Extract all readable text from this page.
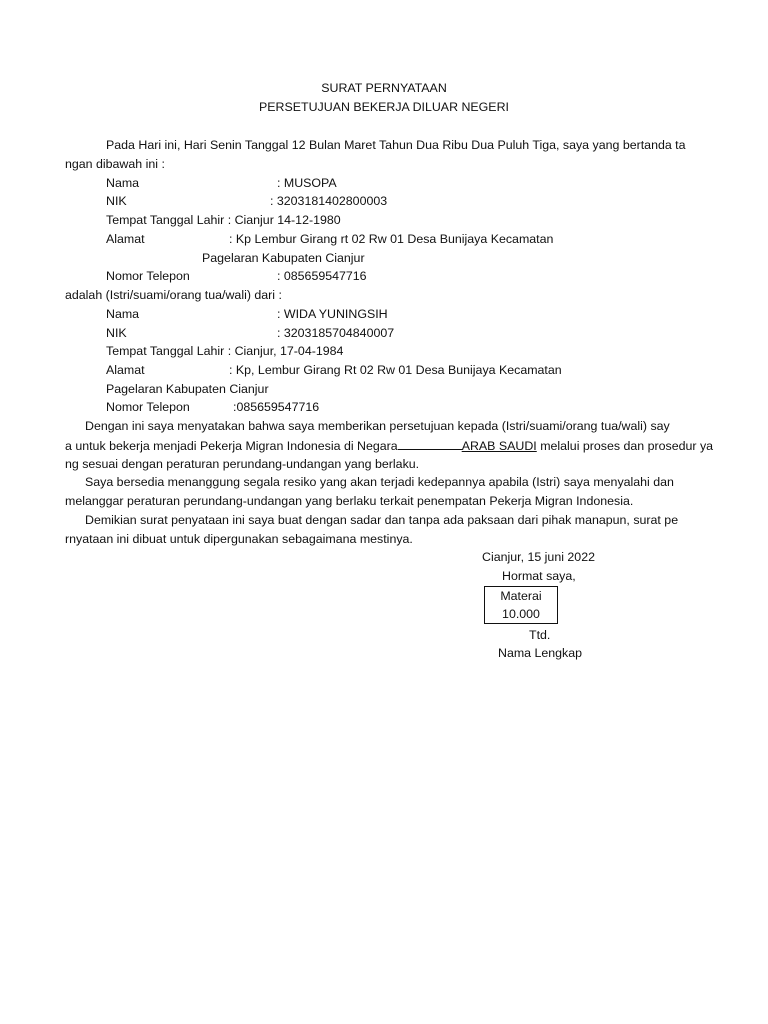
SURAT PERNYATAAN
PERSETUJUAN BEKERJA DILUAR NEGERI
Pada Hari ini, Hari Senin Tanggal 12 Bulan Maret Tahun Dua Ribu Dua Puluh Tiga, saya yang bertanda ta
ngan dibawah ini :
Nama	: MUSOPA
NIK	: 3203181402800003
Tempat Tanggal Lahir : Cianjur 14-12-1980
Alamat	: Kp Lembur Girang rt 02 Rw 01 Desa Bunijaya Kecamatan
Pagelaran Kabupaten Cianjur
Nomor Telepon	: 085659547716
adalah (Istri/suami/orang tua/wali) dari :
Nama	: WIDA YUNINGSIH
NIK	: 3203185704840007
Tempat Tanggal Lahir : Cianjur, 17-04-1984
Alamat	: Kp, Lembur Girang Rt 02 Rw 01 Desa Bunijaya Kecamatan
Pagelaran Kabupaten Cianjur
Nomor Telepon	:085659547716
Dengan ini saya menyatakan bahwa saya memberikan persetujuan kepada (Istri/suami/orang tua/wali) say
a untuk bekerja menjadi Pekerja Migran Indonesia di Negara	ARAB SAUDI melalui proses dan prosedur ya
ng sesuai dengan peraturan perundang-undangan yang berlaku.
Saya bersedia menanggung segala resiko yang akan terjadi kedepannya apabila (Istri) saya menyalahi dan
melanggar peraturan perundang-undangan yang berlaku terkait penempatan Pekerja Migran Indonesia.
Demikian surat penyataan ini saya buat dengan sadar dan tanpa ada paksaan dari pihak manapun, surat pe
rnyataan ini dibuat untuk dipergunakan sebagaimana mestinya.
Cianjur, 15 juni 2022
Hormat saya,
Materai
10.000
Ttd.
Nama Lengkap
